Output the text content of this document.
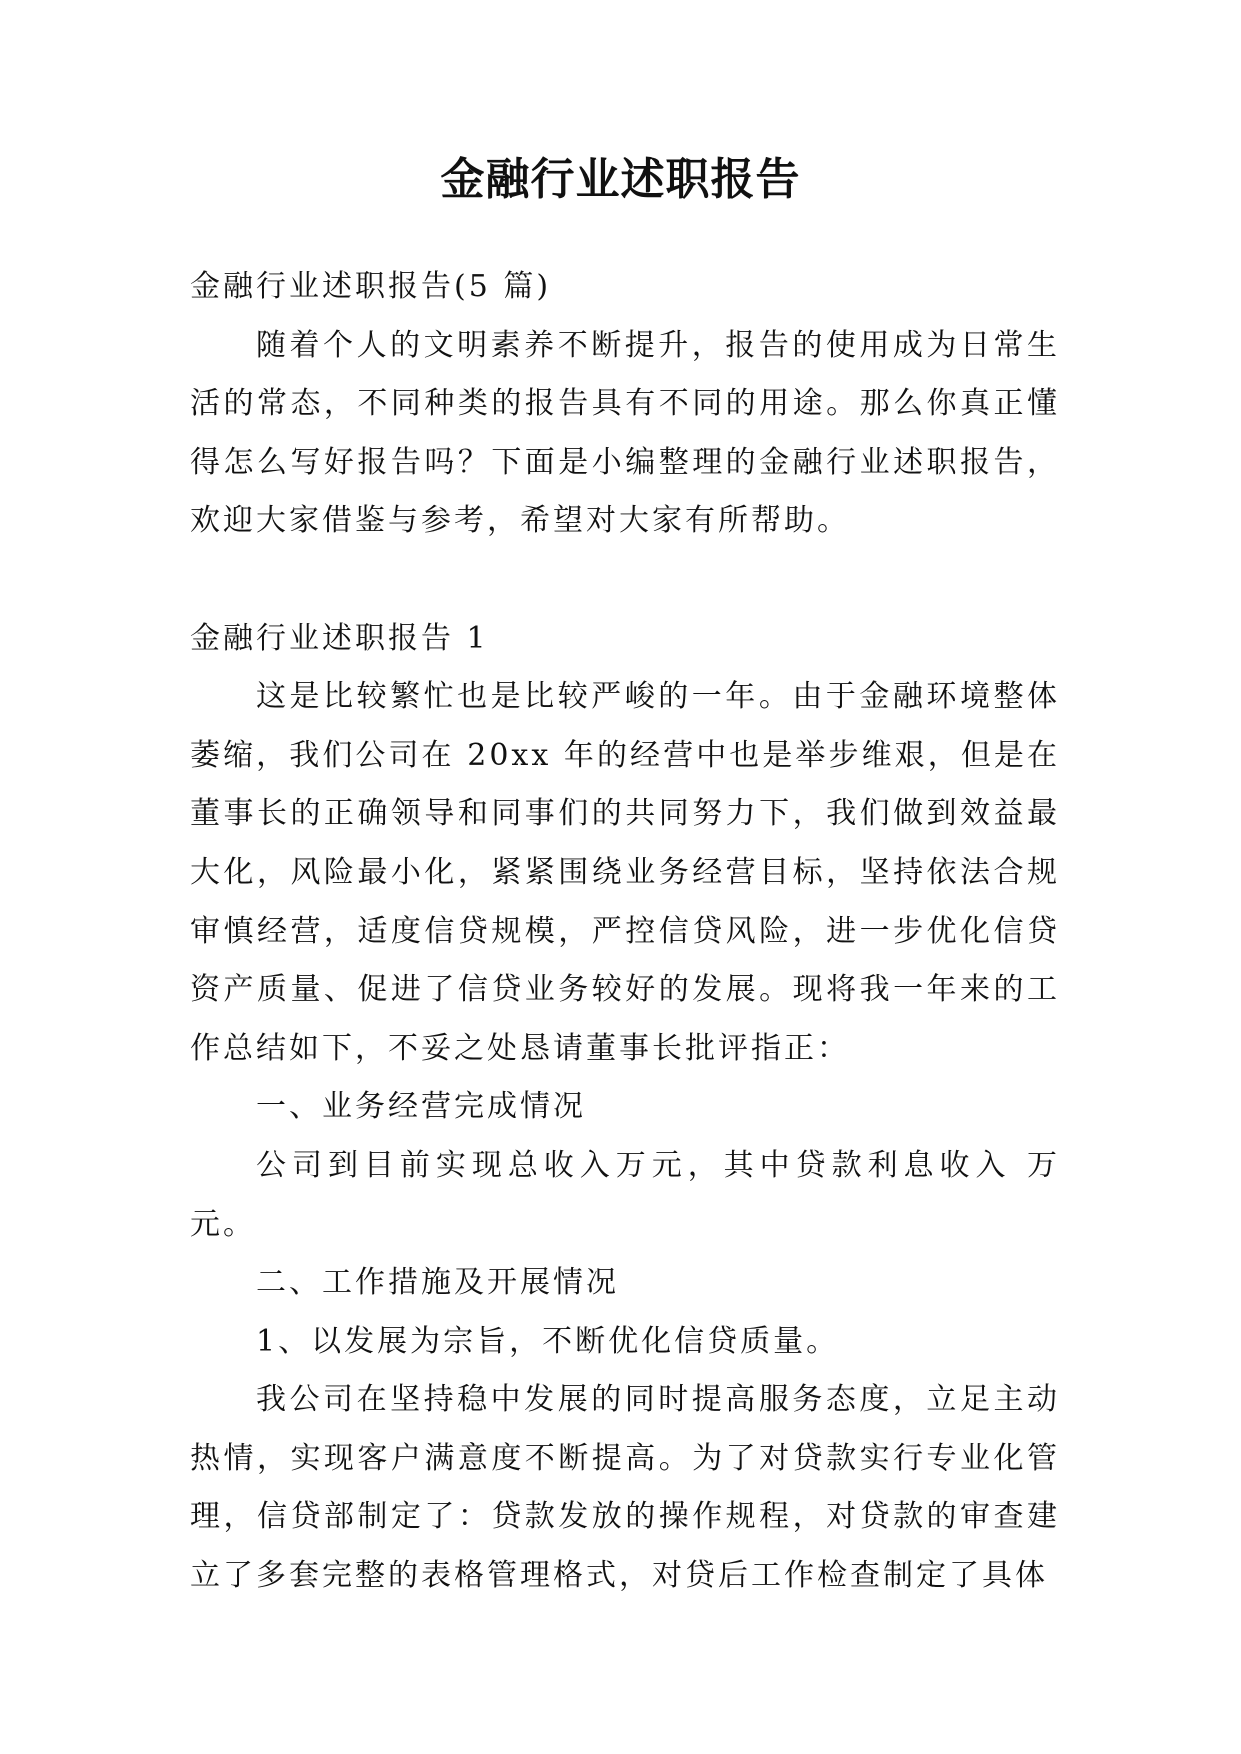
金融行业述职报告

金融行业述职报告(5 篇)

随着个人的文明素养不断提升，报告的使用成为日常生活的常态，不同种类的报告具有不同的用途。那么你真正懂得怎么写好报告吗？下面是小编整理的金融行业述职报告，欢迎大家借鉴与参考，希望对大家有所帮助。

金融行业述职报告 1

这是比较繁忙也是比较严峻的一年。由于金融环境整体萎缩，我们公司在 20xx 年的经营中也是举步维艰，但是在董事长的正确领导和同事们的共同努力下，我们做到效益最大化，风险最小化，紧紧围绕业务经营目标，坚持依法合规审慎经营，适度信贷规模，严控信贷风险，进一步优化信贷资产质量、促进了信贷业务较好的发展。现将我一年来的工作总结如下，不妥之处恳请董事长批评指正：

一、业务经营完成情况

公司到目前实现总收入万元，其中贷款利息收入 万元。

二、工作措施及开展情况

1、以发展为宗旨，不断优化信贷质量。

我公司在坚持稳中发展的同时提高服务态度，立足主动热情，实现客户满意度不断提高。为了对贷款实行专业化管理，信贷部制定了：贷款发放的操作规程，对贷款的审查建立了多套完整的表格管理格式，对贷后工作检查制定了具体
